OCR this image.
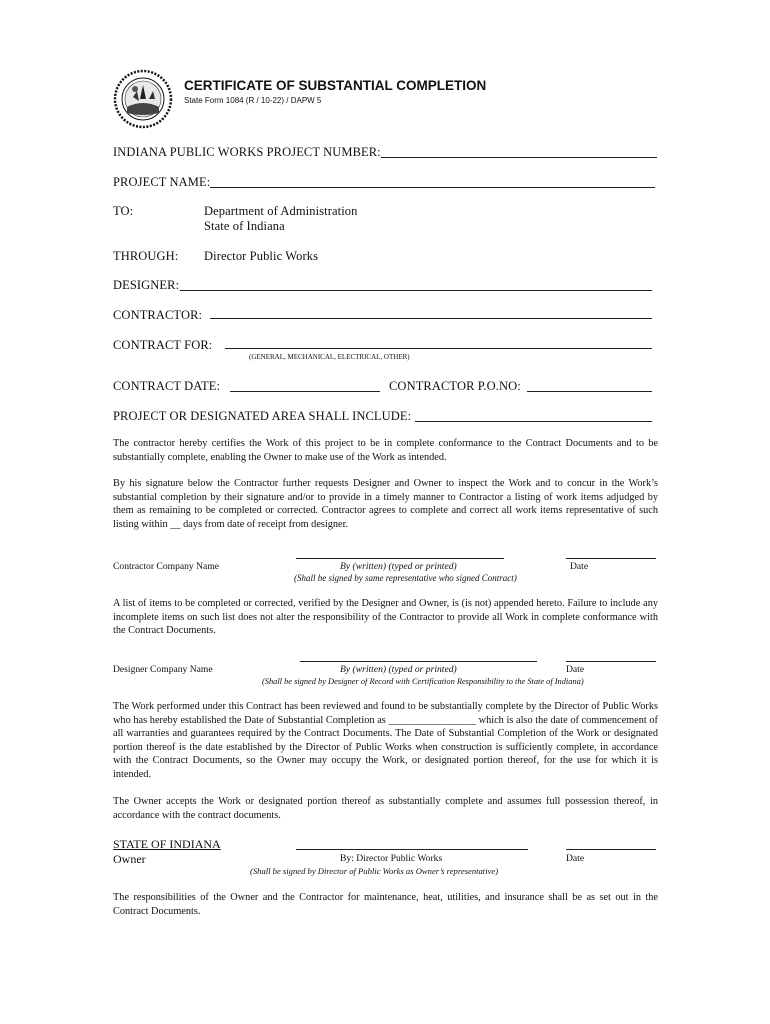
CERTIFICATE OF SUBSTANTIAL COMPLETION
State Form 1084 (R / 10-22) / DAPW 5
INDIANA PUBLIC WORKS PROJECT NUMBER:
PROJECT NAME:
TO:	Department of Administration
State of Indiana
THROUGH: Director Public Works
DESIGNER:
CONTRACTOR:
CONTRACT FOR:
(GENERAL, MECHANICAL, ELECTRICAL, OTHER)
CONTRACT DATE:	CONTRACTOR P.O.NO:
PROJECT OR DESIGNATED AREA SHALL INCLUDE:
The contractor hereby certifies the Work of this project to be in complete conformance to the Contract Documents and to be substantially complete, enabling the Owner to make use of the Work as intended.
By his signature below the Contractor further requests Designer and Owner to inspect the Work and to concur in the Work’s substantial completion by their signature and/or to provide in a timely manner to Contractor a listing of work items adjudged by them as remaining to be completed or corrected. Contractor agrees to complete and correct all work items representative of such listing within __ days from date of receipt from designer.
Contractor Company Name	By (written) (typed or printed)	Date
(Shall be signed by same representative who signed Contract)
A list of items to be completed or corrected, verified by the Designer and Owner, is (is not) appended hereto. Failure to include any incomplete items on such list does not alter the responsibility of the Contractor to provide all Work in complete conformance with the Contract Documents.
Designer Company Name	By (written) (typed or printed)	Date
(Shall be signed by Designer of Record with Certification Responsibility to the State of Indiana)
The Work performed under this Contract has been reviewed and found to be substantially complete by the Director of Public Works who has hereby established the Date of Substantial Completion as _________________ which is also the date of commencement of all warranties and guarantees required by the Contract Documents. The Date of Substantial Completion of the Work or designated portion thereof is the date established by the Director of Public Works when construction is sufficiently complete, in accordance with the Contract Documents, so the Owner may occupy the Work, or designated portion thereof, for the use for which it is intended.
The Owner accepts the Work or designated portion thereof as substantially complete and assumes full possession thereof, in accordance with the contract documents.
STATE OF INDIANA
Owner	By: Director Public Works	Date
(Shall be signed by Director of Public Works as Owner’s representative)
The responsibilities of the Owner and the Contractor for maintenance, heat, utilities, and insurance shall be as set out in the Contract Documents.
